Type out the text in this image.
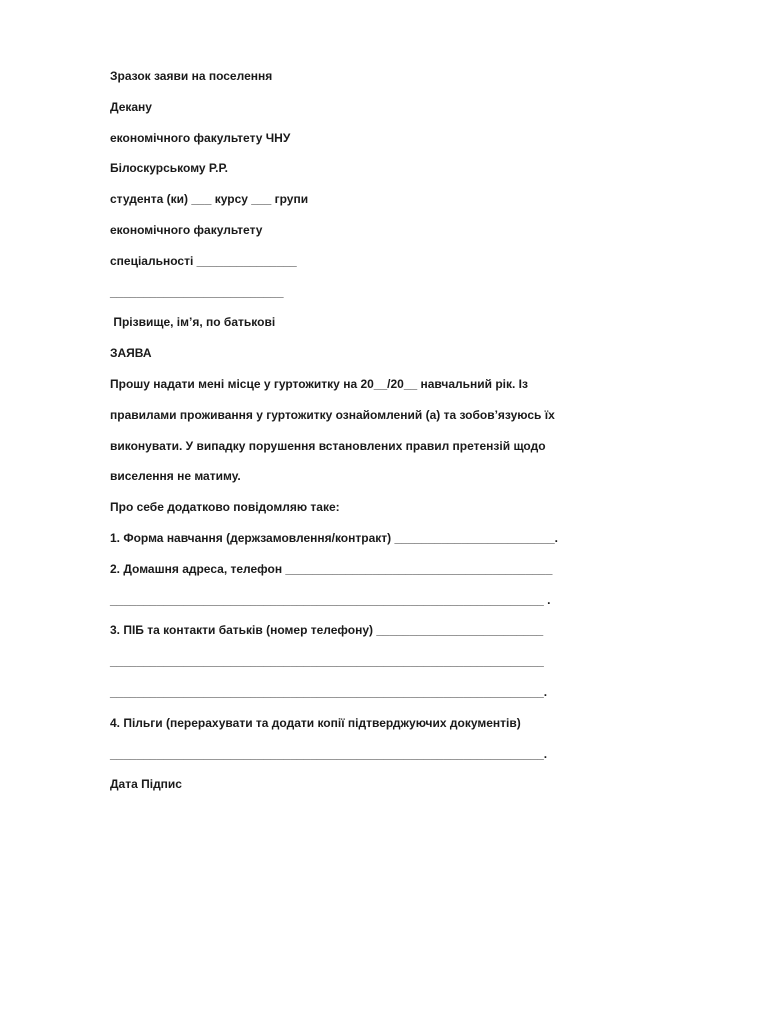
Зразок заяви на поселення
Декану
економічного факультету ЧНУ
Білоскурському Р.Р.
студента (ки) ___ курсу ___ групи
економічного факультету
спеціальності _______________
__________________________
Прізвище, ім’я, по батькові
ЗАЯВА
Прошу надати мені місце у гуртожитку на 20__/20__ навчальний рік. Із
правилами проживання у гуртожитку ознайомлений (а) та зобов’язуюсь їх
виконувати. У випадку порушення встановлених правил претензій щодо
виселення не матиму.
Про себе додатково повідомляю таке:
1. Форма навчання (держзамовлення/контракт) ________________________.
2. Домашня адреса, телефон ________________________________________
_________________________________________________________________ .
3. ПІБ та контакти батьків (номер телефону) _________________________
_________________________________________________________________
_________________________________________________________________.
4. Пільги (перерахувати та додати копії підтверджуючих документів)
_________________________________________________________________.
Дата Підпис
